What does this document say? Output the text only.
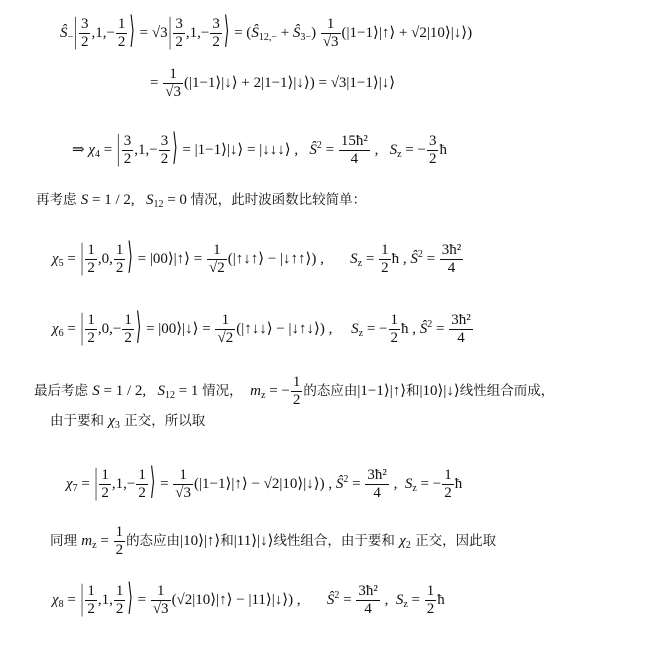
$Ŝ_-| \frac{3}{2} ,1,- \frac{1}{2}$ ⟩ = $√3| \frac{3}{2} ,1,- \frac{3}{2}$ ⟩ = ($Ŝ_{12,-}$ + $Ŝ_{3-}) \frac{1}{√3}$ (|1−1⟩|↑⟩ + √2|10⟩|↓⟩)
= $\frac{1}{√3}$ (|1−1⟩|↓⟩ + 2|1−1⟩|↓⟩) = √3|1−1⟩|↓⟩
⇒ $\chi_4$ = | $\frac{3}{2} ,1,- \frac{3}{2}$ ⟩ = |1−1⟩|↓⟩ = |↓↓↓⟩ ,   $Ŝ^2 = \frac{\text{15ħ²}}{4}$ ,   $S_z$ = − $\frac{3}{2}$ ħ
再考虑 S = 1 / 2,   $S_{12} = 0$ 情况，此时波函数比较简单：
$\chi_5$ = | $\frac{1}{2} ,0$, $\frac{1}{2}$ ⟩ = |00⟩|↑⟩ = $\frac{1}{√2}$ (|↑↓↑⟩ − |↓↑↑⟩) ,       $S_z = \frac{1}{2}$ ħ , $Ŝ^2 = \frac{\text{3ħ²}}{4}$
$\chi_6$ = | $\frac{1}{2} ,0,- \frac{1}{2}$ ⟩ = |00⟩|↓⟩ = $\frac{1}{√2}$ (|↑↓↓⟩ − |↓↑↓⟩) ,     $S_z$ = − $\frac{1}{2}$ ħ , $Ŝ^2 = \frac{\text{3ħ²}}{4}$
最后考虑 S = 1 / 2,   $S_{12} = 1$ 情况， $m_z$ = − $\frac{1}{2}$ 的态应由|1−1⟩|↑⟩和|10⟩|↓⟩线性组合而成，
由于要和 $\chi_3$ 正交，所以取
$\chi_7$ = | $\frac{1}{2} ,1,- \frac{1}{2}$ ⟩ = $\frac{1}{√3}$ (|1−1⟩|↑⟩ − √2|10⟩|↓⟩) , $Ŝ^2 = \frac{\text{3ħ²}}{4}$ ,  $S_z$ = − $\frac{1}{2}$ ħ
同理 $m_z = \frac{1}{2}$ 的态应由|10⟩|↑⟩和|11⟩|↓⟩线性组合，由于要和 $\chi_2$ 正交，因此取
$\chi_8$ = | $\frac{1}{2} ,1$, $\frac{1}{2}$ ⟩ = $\frac{1}{√3}$ (√2|10⟩|↑⟩ − |11⟩|↓⟩) ,       $Ŝ^2 = \frac{\text{3ħ²}}{4}$ ,  $S_z = \frac{1}{2}$ ħ
